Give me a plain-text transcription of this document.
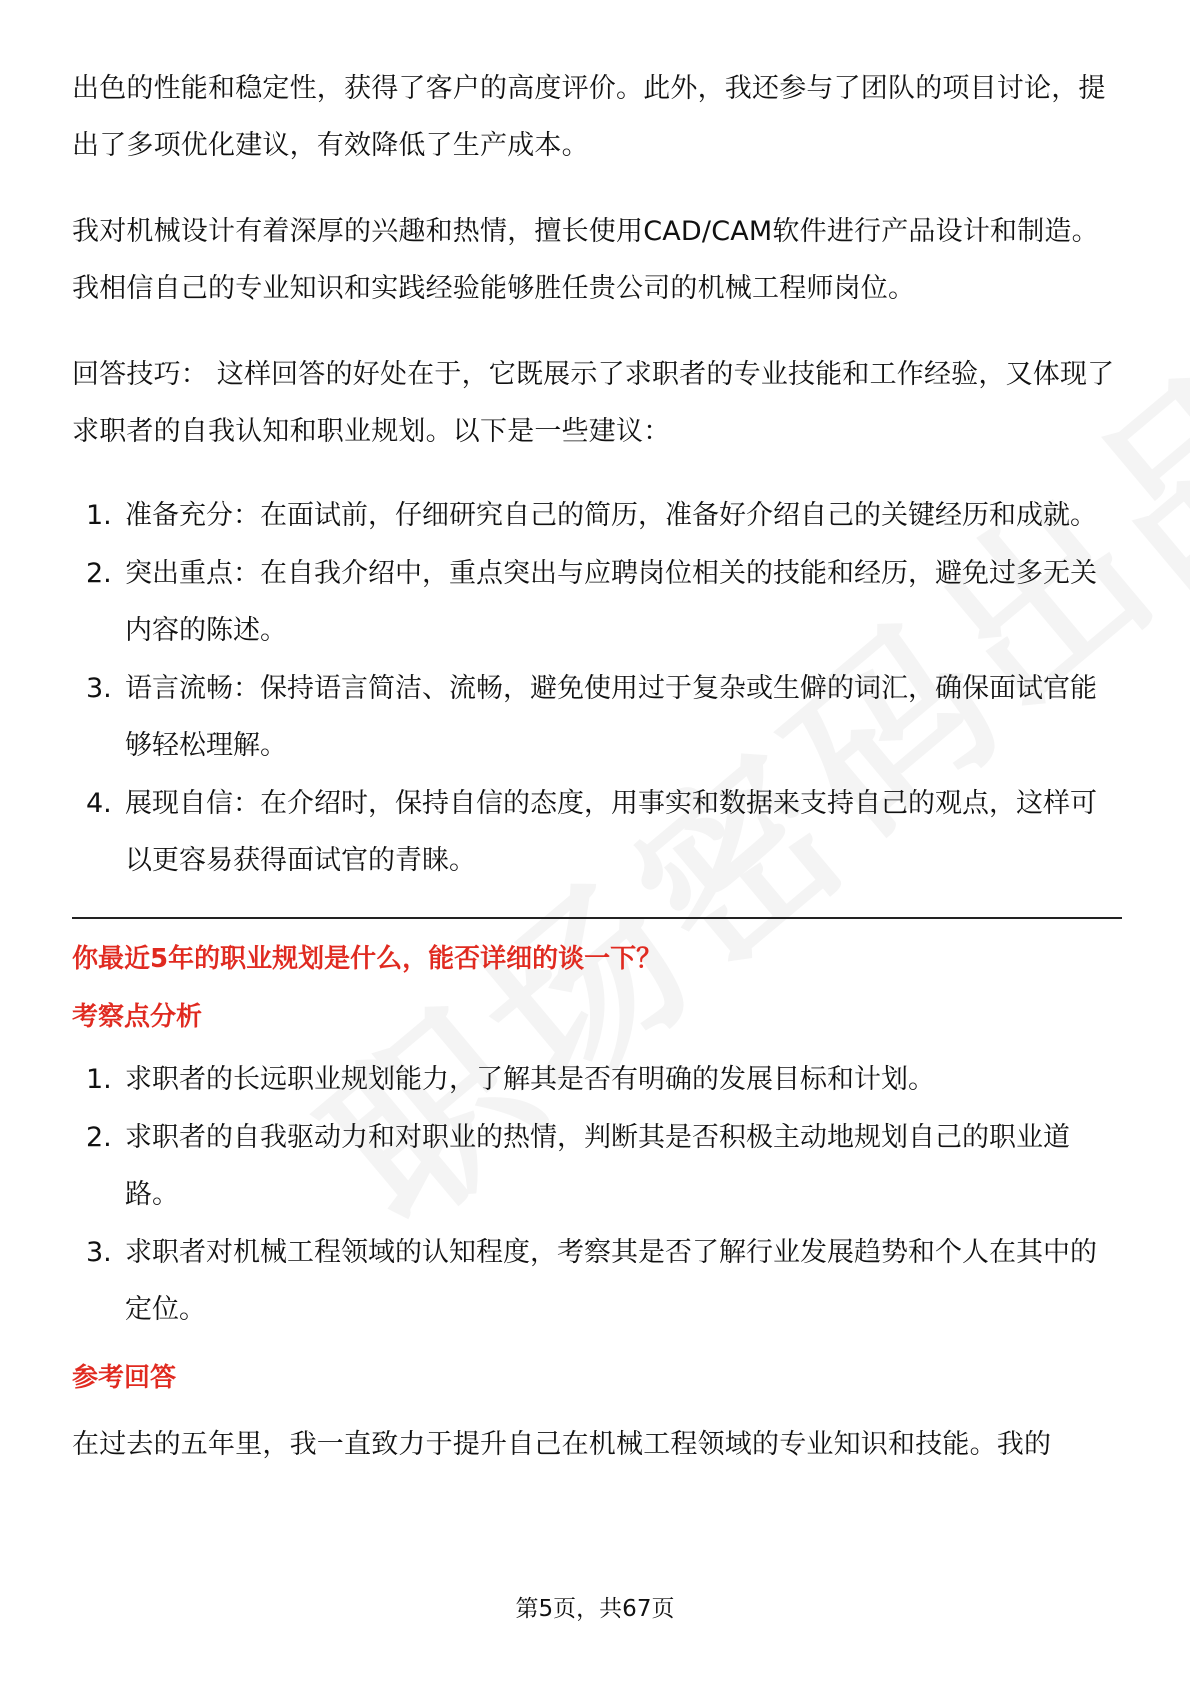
出色的性能和稳定性，获得了客户的高度评价。此外，我还参与了团队的项目讨论，提出了多项优化建议，有效降低了生产成本。

我对机械设计有着深厚的兴趣和热情，擅长使用CAD/CAM软件进行产品设计和制造。我相信自己的专业知识和实践经验能够胜任贵公司的机械工程师岗位。

回答技巧： 这样回答的好处在于，它既展示了求职者的专业技能和工作经验，又体现了求职者的自我认知和职业规划。以下是一些建议：

1. 准备充分：在面试前，仔细研究自己的简历，准备好介绍自己的关键经历和成就。
2. 突出重点：在自我介绍中，重点突出与应聘岗位相关的技能和经历，避免过多无关内容的陈述。
3. 语言流畅：保持语言简洁、流畅，避免使用过于复杂或生僻的词汇，确保面试官能够轻松理解。
4. 展现自信：在介绍时，保持自信的态度，用事实和数据来支持自己的观点，这样可以更容易获得面试官的青睐。
你最近5年的职业规划是什么，能否详细的谈一下？
考察点分析
1. 求职者的长远职业规划能力，了解其是否有明确的发展目标和计划。
2. 求职者的自我驱动力和对职业的热情，判断其是否积极主动地规划自己的职业道路。
3. 求职者对机械工程领域的认知程度，考察其是否了解行业发展趋势和个人在其中的定位。
参考回答

在过去的五年里，我一直致力于提升自己在机械工程领域的专业知识和技能。我的

第5页，共67页
